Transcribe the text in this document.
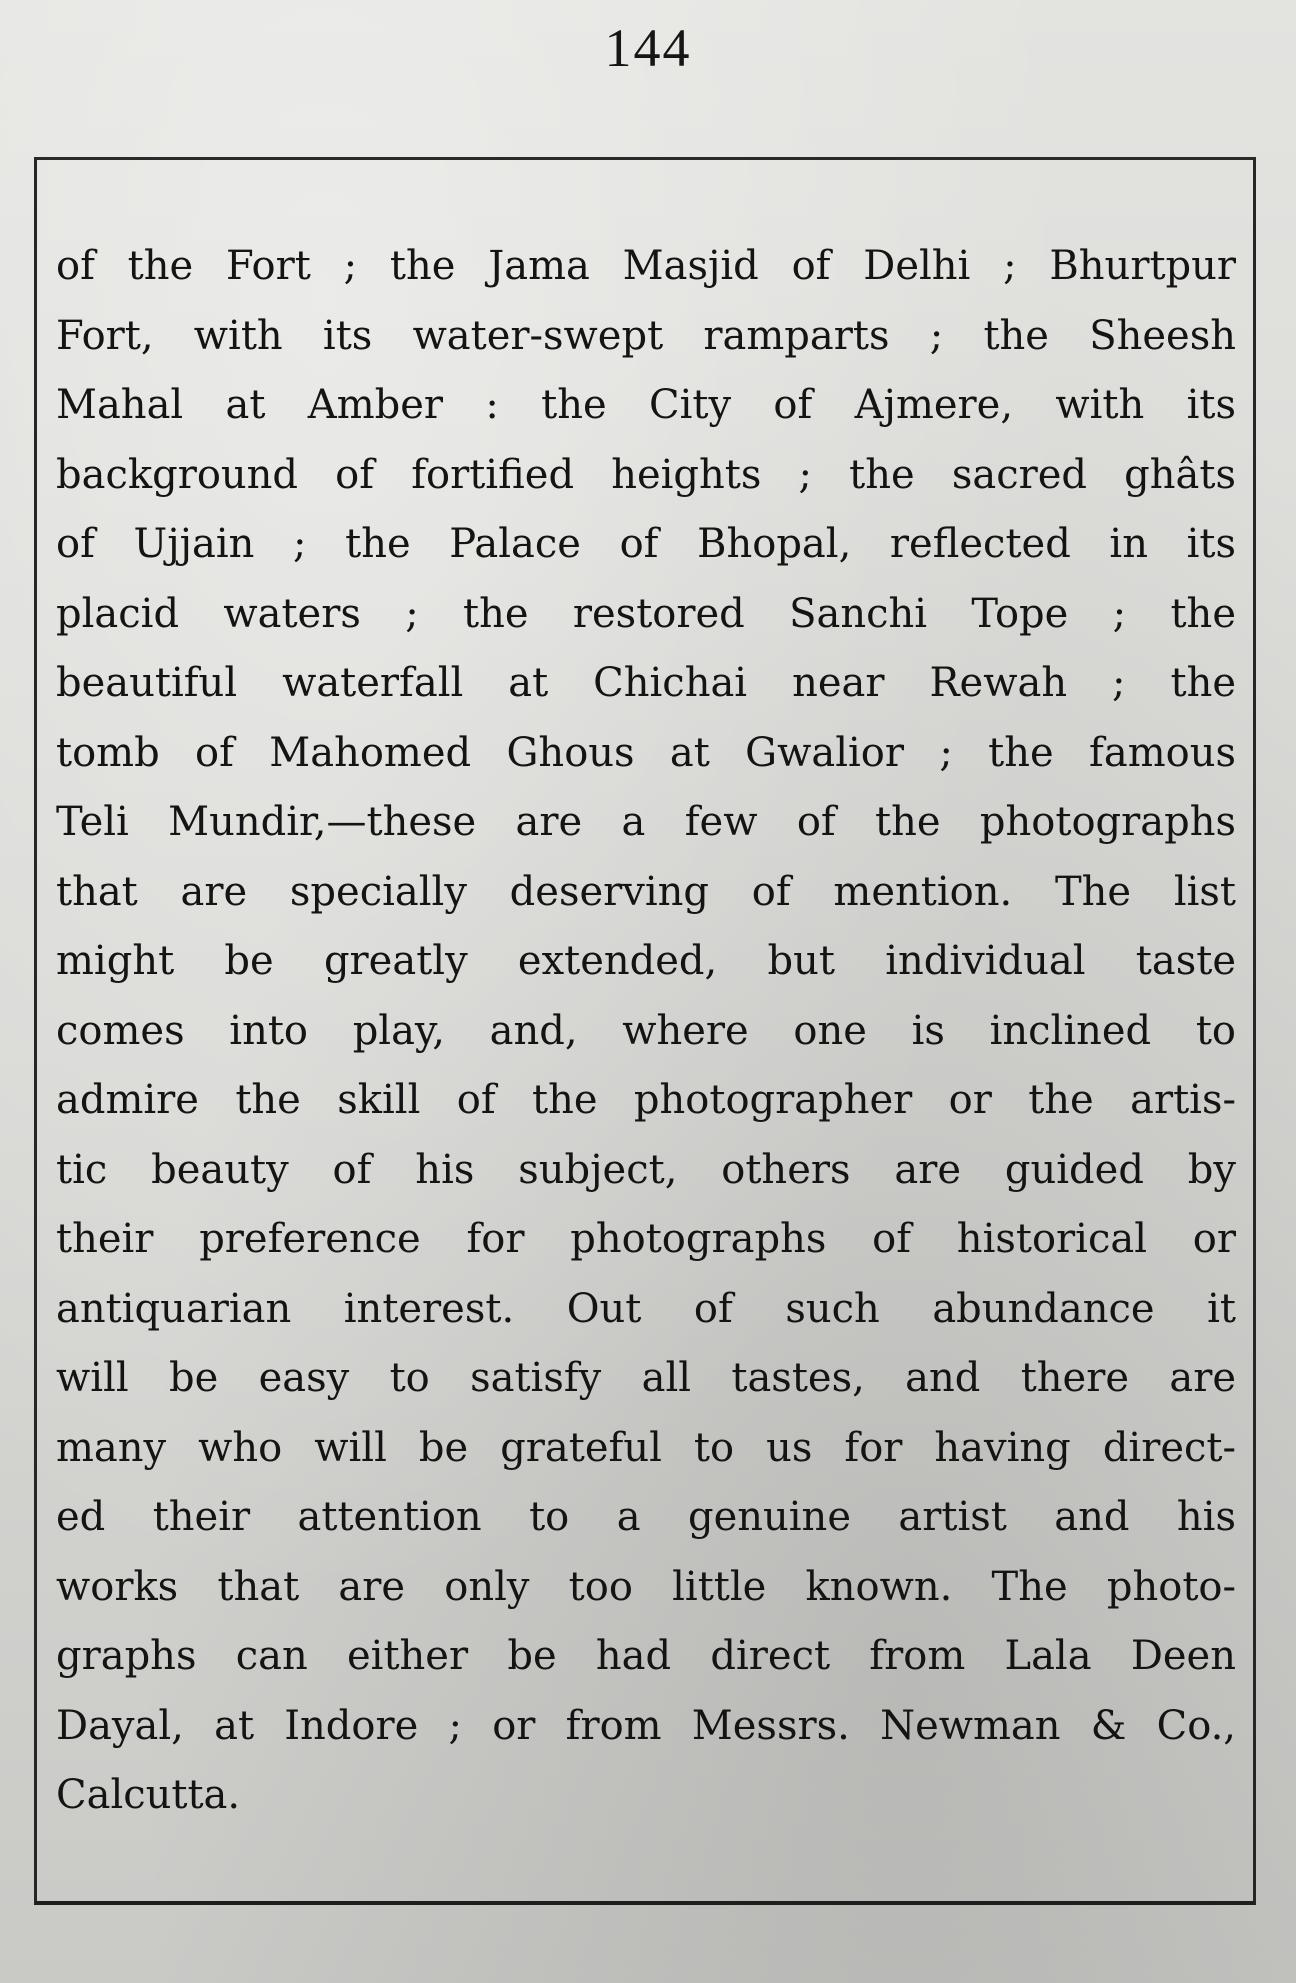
144
of the Fort ; the Jama Masjid of Delhi ; Bhurtpur
Fort, with its water-swept ramparts ; the Sheesh
Mahal at Amber : the City of Ajmere, with its
background of fortified heights ; the sacred ghâts
of Ujjain ; the Palace of Bhopal, reflected in its
placid waters ; the restored Sanchi Tope ; the
beautiful waterfall at Chichai near Rewah ; the
tomb of Mahomed Ghous at Gwalior ; the famous
Teli Mundir,—these are a few of the photographs
that are specially deserving of mention. The list
might be greatly extended, but individual taste
comes into play, and, where one is inclined to
admire the skill of the photographer or the artis-
tic beauty of his subject, others are guided by
their preference for photographs of historical or
antiquarian interest. Out of such abundance it
will be easy to satisfy all tastes, and there are
many who will be grateful to us for having direct-
ed their attention to a genuine artist and his
works that are only too little known. The photo-
graphs can either be had direct from Lala Deen
Dayal, at Indore ; or from Messrs. Newman & Co.,
Calcutta.
